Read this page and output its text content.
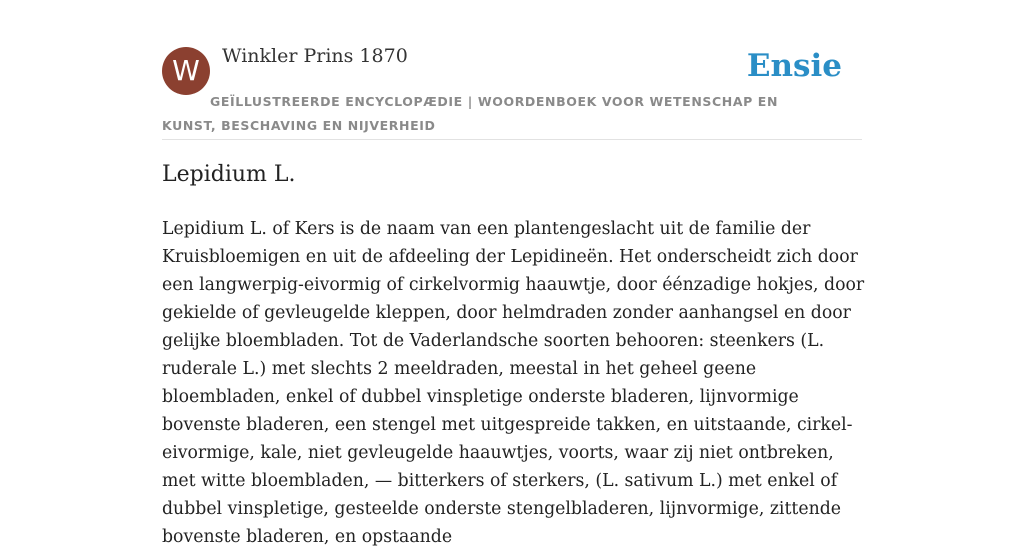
W	Winkler Prins 1870	Ensie
GEÏLLUSTREERDE ENCYCLOPÆDIE | WOORDENBOEK VOOR WETENSCHAP EN KUNST, BESCHAVING EN NIJVERHEID
Lepidium L.

Lepidium L. of Kers is de naam van een plantengeslacht uit de familie der Kruisbloemigen en uit de afdeeling der Lepidineën. Het onderscheidt zich door een langwerpig-eivormig of cirkelvormig haauwtje, door éénzadige hokjes, door gekielde of gevleugelde kleppen, door helmdraden zonder aanhangsel en door gelijke bloembladen. Tot de Vaderlandsche soorten behooren: steenkers (L. ruderale L.) met slechts 2 meeldraden, meestal in het geheel geene bloembladen, enkel of dubbel vinspletige onderste bladeren, lijnvormige bovenste bladeren, een stengel met uitgespreide takken, en uitstaande, cirkel-eivormige, kale, niet gevleugelde haauwtjes, voorts, waar zij niet ontbreken, met witte bloembladen, — bitterkers of sterkers, (L. sativum L.) met enkel of dubbel vinspletige, gesteelde onderste stengelbladeren, lijnvormige, zittende bovenste bladeren, en opstaande
